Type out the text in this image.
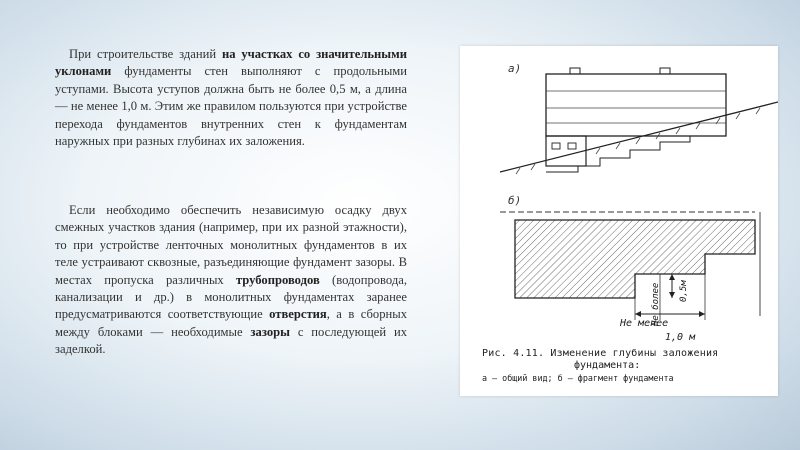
При строительстве зданий на участках со значительными уклонами фундаменты стен выполняют с продольными уступами. Высота уступов должна быть не более 0,5 м, а длина — не менее 1,0 м. Этим же правилом пользуются при устройстве перехода фундаментов внутренних стен к фундаментам наружных при разных глубинах их заложения.

Если необходимо обеспечить независимую осадку двух смежных участков здания (например, при их разной этажности), то при устройстве ленточных монолитных фундаментов в их теле устраивают сквозные, разъединяющие фундамент зазоры. В местах пропуска различных трубопроводов (водопровода, канализации и др.) в монолитных фундаментах заранее предусматриваются соответствующие отверстия, а в сборных между блоками — необходимые зазоры с последующей их заделкой.

а)
б)
Не более 0,5м
Не менее
1,0 м
Рис. 4.11. Изменение глубины заложения
фундамента:
а — общий вид; б — фрагмент фундамента
